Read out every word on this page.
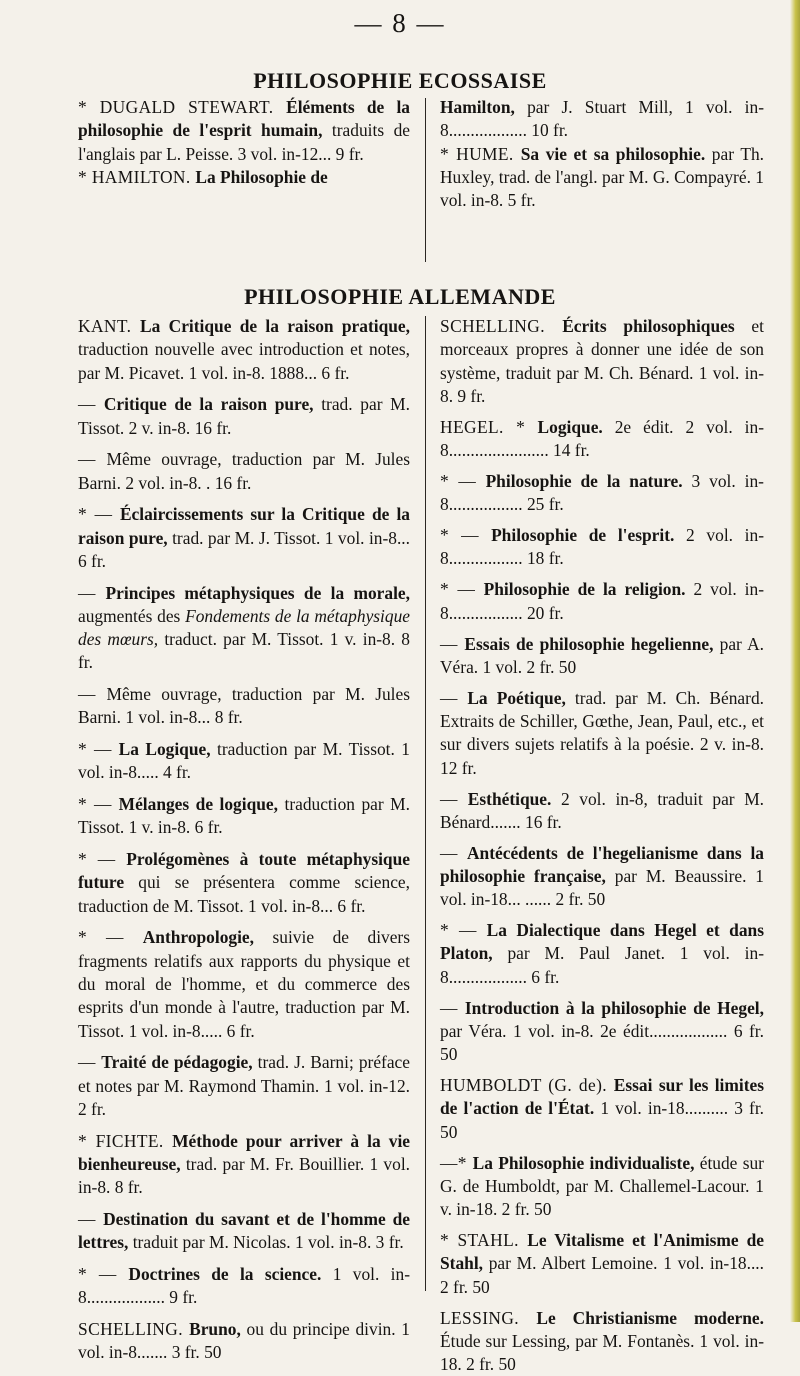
— 8 —
PHILOSOPHIE ECOSSAISE

* DUGALD STEWART. Éléments de la philosophie de l'esprit humain, traduits de l'anglais par L. Peisse. 3 vol. in-12... 9 fr.

* HAMILTON. La Philosophie de

Hamilton, par J. Stuart Mill, 1 vol. in-8.................. 10 fr.

* HUME. Sa vie et sa philosophie. par Th. Huxley, trad. de l'angl. par M. G. Compayré. 1 vol. in-8. 5 fr.

PHILOSOPHIE ALLEMANDE

KANT. La Critique de la raison pratique, traduction nouvelle avec introduction et notes, par M. Picavet. 1 vol. in-8. 1888... 6 fr.

— Critique de la raison pure, trad. par M. Tissot. 2 v. in-8. 16 fr.

— Même ouvrage, traduction par M. Jules Barni. 2 vol. in-8. . 16 fr.

* — Éclaircissements sur la Critique de la raison pure, trad. par M. J. Tissot. 1 vol. in-8... 6 fr.

— Principes métaphysiques de la morale, augmentés des Fondements de la métaphysique des mœurs, traduct. par M. Tissot. 1 v. in-8. 8 fr.

— Même ouvrage, traduction par M. Jules Barni. 1 vol. in-8... 8 fr.

* — La Logique, traduction par M. Tissot. 1 vol. in-8..... 4 fr.

* — Mélanges de logique, traduction par M. Tissot. 1 v. in-8. 6 fr.

* — Prolégomènes à toute métaphysique future qui se présentera comme science, traduction de M. Tissot. 1 vol. in-8... 6 fr.

* — Anthropologie, suivie de divers fragments relatifs aux rapports du physique et du moral de l'homme, et du commerce des esprits d'un monde à l'autre, traduction par M. Tissot. 1 vol. in-8..... 6 fr.

— Traité de pédagogie, trad. J. Barni; préface et notes par M. Raymond Thamin. 1 vol. in-12. 2 fr.

* FICHTE. Méthode pour arriver à la vie bienheureuse, trad. par M. Fr. Bouillier. 1 vol. in-8. 8 fr.

— Destination du savant et de l'homme de lettres, traduit par M. Nicolas. 1 vol. in-8. 3 fr.

* — Doctrines de la science. 1 vol. in-8.................. 9 fr.

SCHELLING. Bruno, ou du principe divin. 1 vol. in-8....... 3 fr. 50

SCHELLING. Écrits philosophiques et morceaux propres à donner une idée de son système, traduit par M. Ch. Bénard. 1 vol. in-8. 9 fr.

HEGEL. * Logique. 2e édit. 2 vol. in-8....................... 14 fr.

* — Philosophie de la nature. 3 vol. in-8................. 25 fr.

* — Philosophie de l'esprit. 2 vol. in-8................. 18 fr.

* — Philosophie de la religion. 2 vol. in-8................. 20 fr.

— Essais de philosophie hegelienne, par A. Véra. 1 vol. 2 fr. 50

— La Poétique, trad. par M. Ch. Bénard. Extraits de Schiller, Gœthe, Jean, Paul, etc., et sur divers sujets relatifs à la poésie. 2 v. in-8. 12 fr.

— Esthétique. 2 vol. in-8, traduit par M. Bénard....... 16 fr.

— Antécédents de l'hegelianisme dans la philosophie française, par M. Beaussire. 1 vol. in-18... ...... 2 fr. 50

* — La Dialectique dans Hegel et dans Platon, par M. Paul Janet. 1 vol. in-8.................. 6 fr.

— Introduction à la philosophie de Hegel, par Véra. 1 vol. in-8. 2e édit.................. 6 fr. 50

HUMBOLDT (G. de). Essai sur les limites de l'action de l'État. 1 vol. in-18.......... 3 fr. 50

—* La Philosophie individualiste, étude sur G. de Humboldt, par M. Challemel-Lacour. 1 v. in-18. 2 fr. 50

* STAHL. Le Vitalisme et l'Animisme de Stahl, par M. Albert Lemoine. 1 vol. in-18.... 2 fr. 50

LESSING. Le Christianisme moderne. Étude sur Lessing, par M. Fontanès. 1 vol. in-18. 2 fr. 50
